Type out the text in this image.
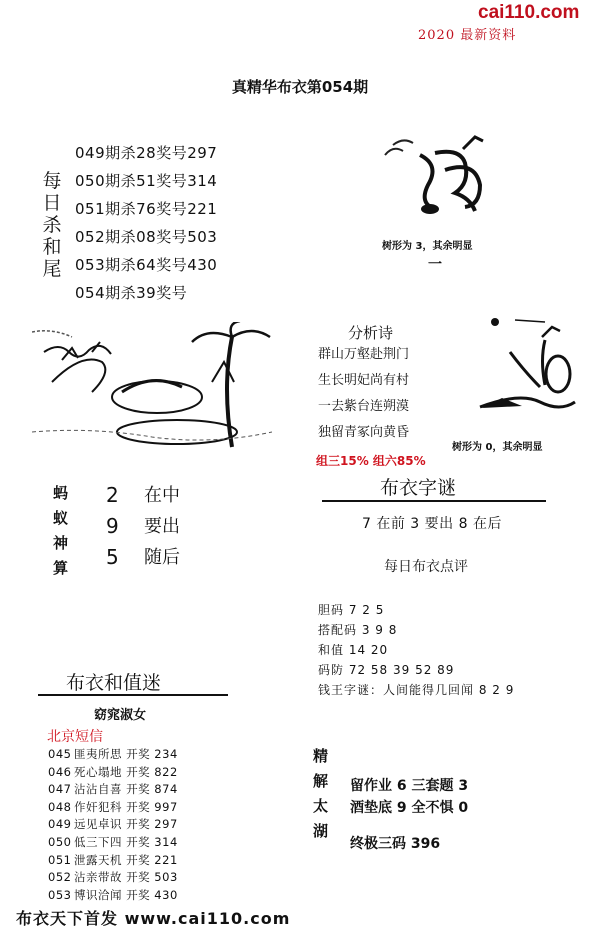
cai110.com
2020 最新资料
真精华布衣第054期
每日杀和尾
049期杀28奖号297
050期杀51奖号314
051期杀76奖号221
052期杀08奖号503
053期杀64奖号430
054期杀39奖号
树形为 3，其余明显
一
分析诗
群山万壑赴荆门
生长明妃尚有村
一去紫台连朔漠
独留青冢向黄昏
组三15% 组六85%
树形为 0，其余明显
蚂
蚁
神
算
2
9
5
在中
要出
随后
布衣字谜
7 在前 3 要出 8 在后
每日布衣点评
胆码 7 2 5
搭配码 3 9 8
和值 14 20
码防 72 58 39 52 89
钱王字谜：人间能得几回闻 8 2 9
布衣和值迷
窈窕淑女
北京短信
045 匪夷所思 开奖 234
046 死心塌地 开奖 822
047 沾沾自喜 开奖 874
048 作奸犯科 开奖 997
049 远见卓识 开奖 297
050 低三下四 开奖 314
051 泄露天机 开奖 221
052 沾亲带故 开奖 503
053 博识洽闻 开奖 430
精
解
太
湖
留作业 6 三套题 3
酒垫底 9 全不惧 0
终极三码 396
布衣天下首发 www.cai110.com
